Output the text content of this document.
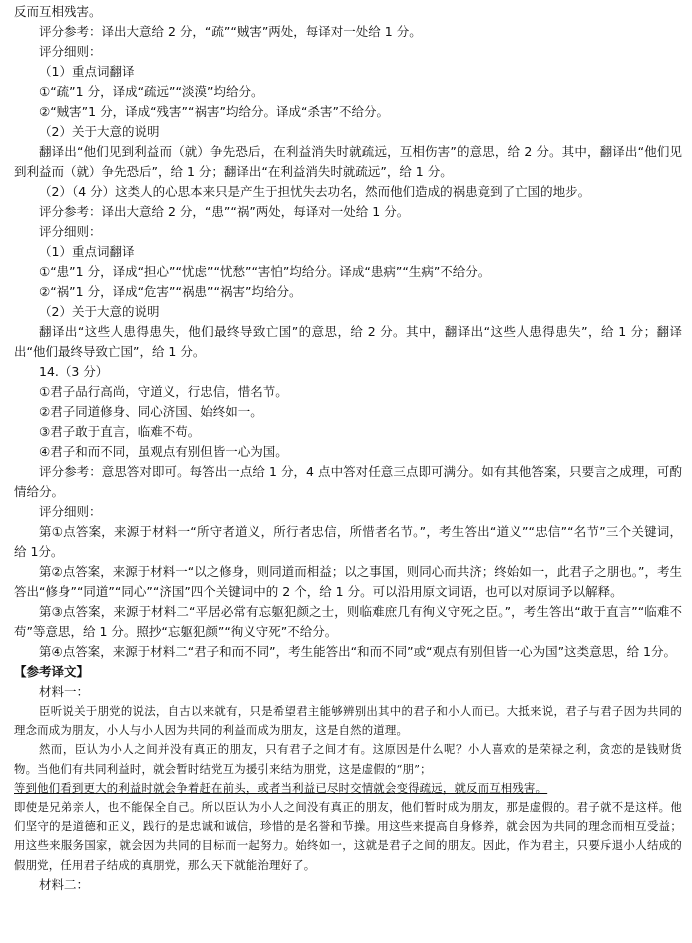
反而互相残害。
评分参考：译出大意给 2 分，“疏”“贼害”两处，每译对一处给 1 分。
评分细则：
（1）重点词翻译
①“疏”1 分，译成“疏远”“淡漠”均给分。
②“贼害”1 分，译成“残害”“祸害”均给分。译成“杀害”不给分。
（2）关于大意的说明
翻译出“他们见到利益而（就）争先恐后，在利益消失时就疏远，互相伤害”的意思，给 2 分。其中，翻译出“他们见到利益而（就）争先恐后”，给 1 分；翻译出“在利益消失时就疏远”，给 1 分。
（2）（4 分）这类人的心思本来只是产生于担忧失去功名，然而他们造成的祸患竟到了亡国的地步。
评分参考：译出大意给 2 分，“患”“祸”两处，每译对一处给 1 分。
评分细则：
（1）重点词翻译
①“患”1 分，译成“担心”“忧虑”“忧愁”“害怕”均给分。译成“患病”“生病”不给分。
②“祸”1 分，译成“危害”“祸患”“祸害”均给分。
（2）关于大意的说明
翻译出“这些人患得患失，他们最终导致亡国”的意思，给 2 分。其中，翻译出“这些人患得患失”，给 1 分；翻译出“他们最终导致亡国”，给 1 分。
14.（3 分）
①君子品行高尚，守道义，行忠信，惜名节。
②君子同道修身、同心济国、始终如一。
③君子敢于直言，临难不苟。
④君子和而不同，虽观点有别但皆一心为国。
评分参考：意思答对即可。每答出一点给 1 分，4 点中答对任意三点即可满分。如有其他答案，只要言之成理，可酌情给分。
评分细则：
第①点答案，来源于材料一“所守者道义，所行者忠信，所惜者名节。”，考生答出“道义”“忠信”“名节”三个关键词，给 1分。
第②点答案，来源于材料一“以之修身，则同道而相益；以之事国，则同心而共济；终始如一，此君子之朋也。”，考生答出“修身”“同道”“同心”“济国”四个关键词中的 2 个，给 1 分。可以沿用原文词语，也可以对原词予以解释。
第③点答案，来源于材料二“平居必常有忘躯犯颜之士，则临难庶几有徇义守死之臣。”，考生答出“敢于直言”“临难不苟”等意思，给 1 分。照抄“忘躯犯颜”“徇义守死”不给分。
第④点答案，来源于材料二“君子和而不同”，考生能答出“和而不同”或“观点有别但皆一心为国”这类意思，给 1分。
【参考译文】
材料一：
臣听说关于朋党的说法，自古以来就有，只是希望君主能够辨别出其中的君子和小人而已。大抵来说，君子与君子因为共同的理念而成为朋友，小人与小人因为共同的利益而成为朋友，这是自然的道理。
然而，臣认为小人之间并没有真正的朋友，只有君子之间才有。这原因是什么呢？小人喜欢的是荣禄之利，贪恋的是钱财货物。当他们有共同利益时，就会暂时结党互为援引来结为朋党，这是虚假的“朋”；
等到他们看到更大的利益时就会争着赶在前头，或者当利益已尽时交情就会变得疏远，就反而互相残害。
即使是兄弟亲人，也不能保全自己。所以臣认为小人之间没有真正的朋友，他们暂时成为朋友，那是虚假的。君子就不是这样。他们坚守的是道德和正义，践行的是忠诚和诚信，珍惜的是名誉和节操。用这些来提高自身修养，就会因为共同的理念而相互受益；用这些来服务国家，就会因为共同的目标而一起努力。始终如一，这就是君子之间的朋友。因此，作为君主，只要斥退小人结成的假朋党，任用君子结成的真朋党，那么天下就能治理好了。
材料二：
